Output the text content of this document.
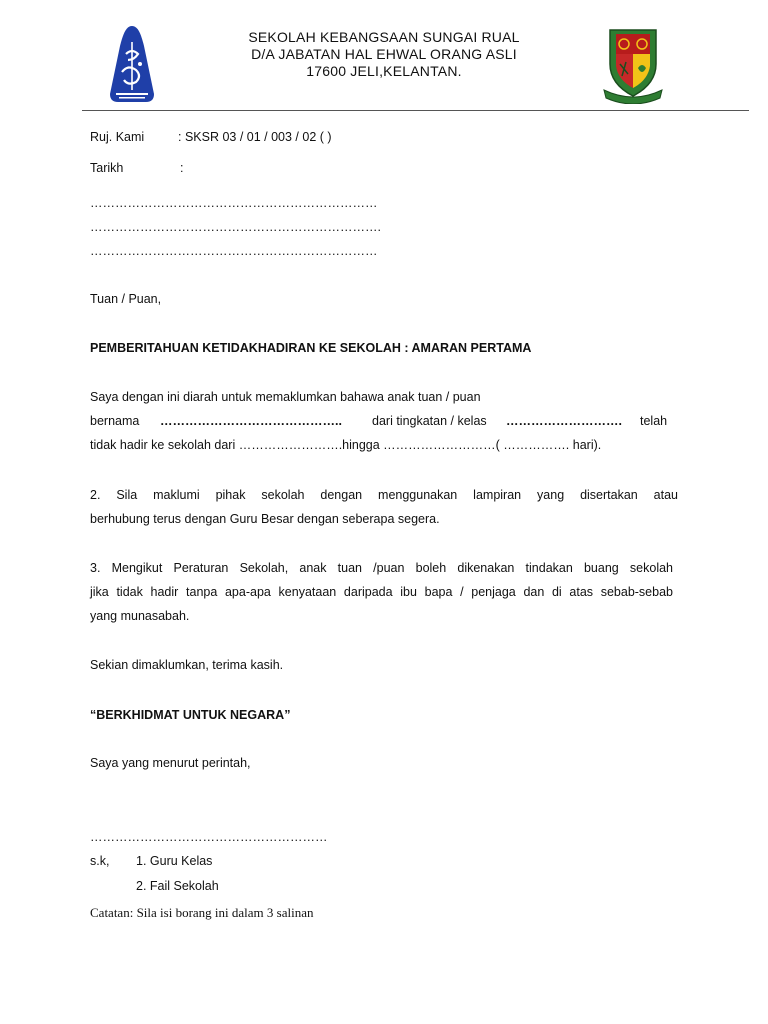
SEKOLAH KEBANGSAAN SUNGAI RUAL
D/A JABATAN HAL EHWAL ORANG ASLI
17600 JELI,KELANTAN.
Ruj. Kami	: SKSR 03 / 01 / 003 / 02 ( )
Tarikh	:
……………………………………………………………
…………………………………………………………….
……………………………………………………………
Tuan / Puan,
PEMBERITAHUAN KETIDAKHADIRAN KE SEKOLAH : AMARAN PERTAMA
Saya dengan ini diarah untuk memaklumkan bahawa anak tuan / puan
bernama …………………………………….. dari tingkatan / kelas ………………………. telah
tidak hadir ke sekolah dari …………………….hingga ………………………( ……………. hari).
2. Sila maklumi pihak sekolah dengan menggunakan lampiran yang disertakan atau
berhubung terus dengan Guru Besar dengan seberapa segera.
3. Mengikut Peraturan Sekolah, anak tuan /puan boleh dikenakan tindakan buang sekolah
jika tidak hadir tanpa apa-apa kenyataan daripada ibu bapa / penjaga dan di atas sebab-sebab
yang munasabah.
Sekian dimaklumkan, terima kasih.
“BERKHIDMAT UNTUK NEGARA”
Saya yang menurut perintah,
…………………………………………………
s.k, 1. Guru Kelas
2. Fail Sekolah
Catatan: Sila isi borang ini dalam 3 salinan
